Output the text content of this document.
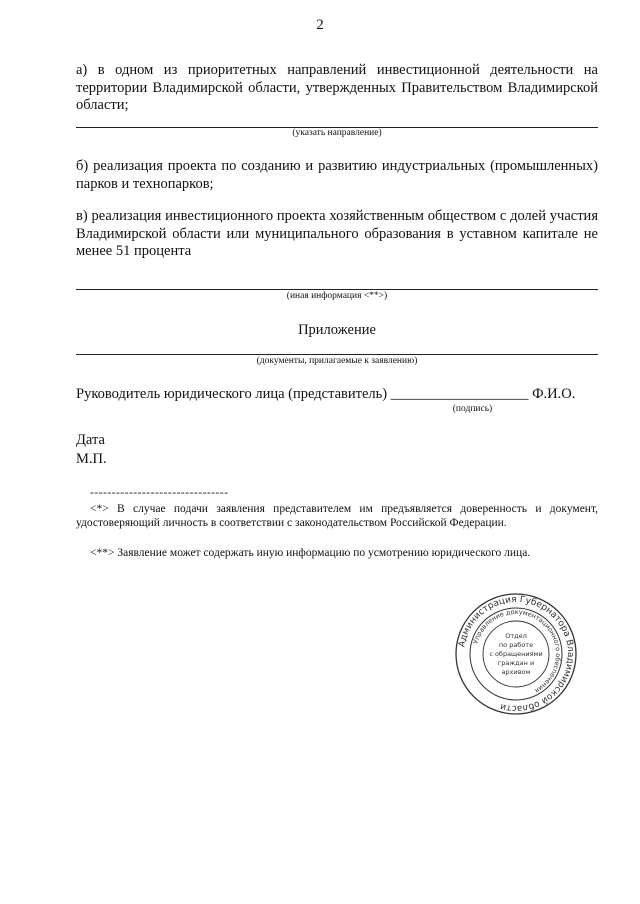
2
а) в одном из приоритетных направлений инвестиционной деятельности на территории Владимирской области, утвержденных Правительством Владимирской области;
(указать направление)
б) реализация проекта по созданию и развитию индустриальных (промышленных) парков и технопарков;
в) реализация инвестиционного проекта хозяйственным обществом с долей участия Владимирской области или муниципального образования в уставном капитале не менее 51 процента
(иная информация <**>)
Приложение
(документы, прилагаемые к заявлению)
Руководитель юридического лица (представитель) ___________________ Ф.И.О.
(подпись)
Дата
М.П.
--------------------------------
<*> В случае подачи заявления представителем им предъявляется доверенность и документ, удостоверяющий личность в соответствии с законодательством Российской Федерации.
<**> Заявление может содержать иную информацию по усмотрению юридического лица.
Администрация Губернатора Владимирской области
Управление документационного обеспечения
Отдел
по работе
с обращениями
граждан и
архивом
